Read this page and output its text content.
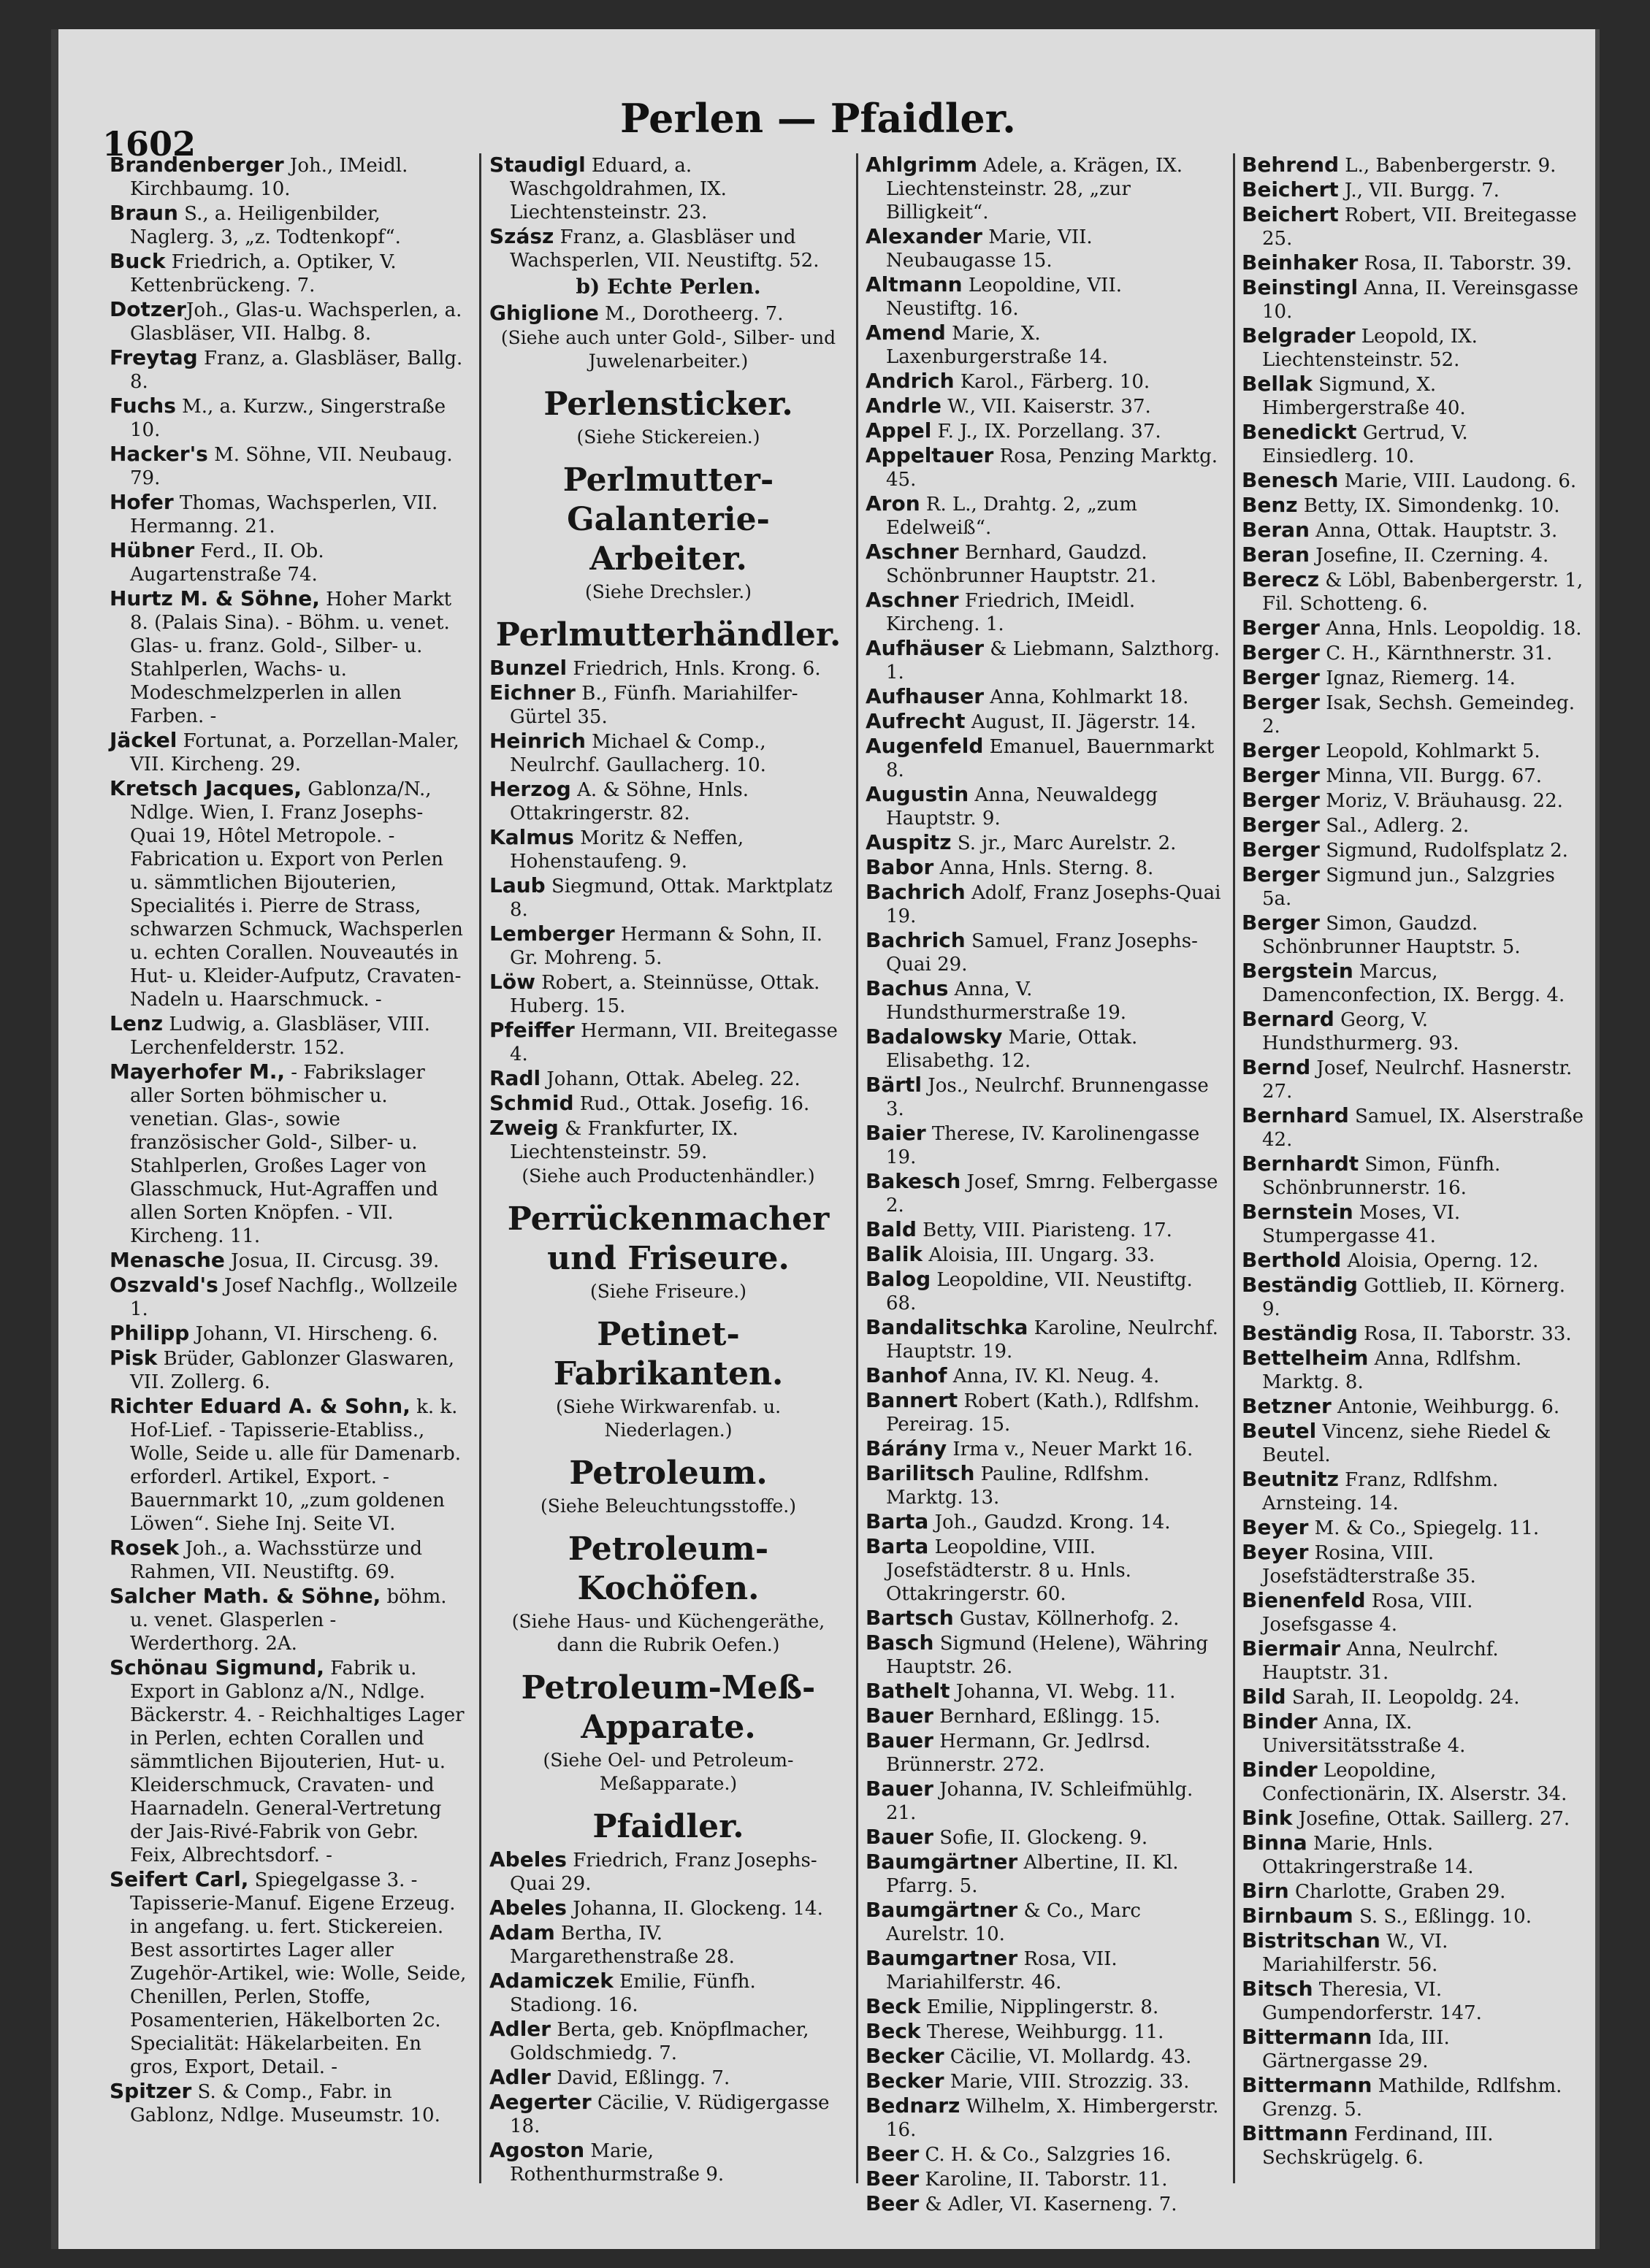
1602
Perlen — Pfaidler.
Brandenberger Joh., IMeidl. Kirchbaumg. 10.
Braun S., a. Heiligenbilder, Naglerg. 3, „z. Todtenkopf“.
Buck Friedrich, a. Optiker, V. Kettenbrückeng. 7.
DotzerJoh., Glas-u. Wachsperlen, a. Glasbläser, VII. Halbg. 8.
Freytag Franz, a. Glasbläser, Ballg. 8.
Fuchs M., a. Kurzw., Singerstraße 10.
Hacker's M. Söhne, VII. Neubaug. 79.
Hofer Thomas, Wachsperlen, VII. Hermanng. 21.
Hübner Ferd., II. Ob. Augartenstraße 74.
Hurtz M. & Söhne, Hoher Markt 8. (Palais Sina). - Böhm. u. venet. Glas- u. franz. Gold-, Silber- u. Stahlperlen, Wachs- u. Modeschmelzperlen in allen Farben. -
Jäckel Fortunat, a. Porzellan-Maler, VII. Kircheng. 29.
Kretsch Jacques, Gablonza/N., Ndlge. Wien, I. Franz Josephs-Quai 19, Hôtel Metropole. - Fabrication u. Export von Perlen u. sämmtlichen Bijouterien, Specialités i. Pierre de Strass, schwarzen Schmuck, Wachsperlen u. echten Corallen. Nouveautés in Hut- u. Kleider-Aufputz, Cravaten-Nadeln u. Haarschmuck. -
Lenz Ludwig, a. Glasbläser, VIII. Lerchenfelderstr. 152.
Mayerhofer M., - Fabrikslager aller Sorten böhmischer u. venetian. Glas-, sowie französischer Gold-, Silber- u. Stahlperlen, Großes Lager von Glasschmuck, Hut-Agraffen und allen Sorten Knöpfen. - VII. Kircheng. 11.
Menasche Josua, II. Circusg. 39.
Oszvald's Josef Nachflg., Wollzeile 1.
Philipp Johann, VI. Hirscheng. 6.
Pisk Brüder, Gablonzer Glaswaren, VII. Zollerg. 6.
Richter Eduard A. & Sohn, k. k. Hof-Lief. - Tapisserie-Etabliss., Wolle, Seide u. alle für Damenarb. erforderl. Artikel, Export. - Bauernmarkt 10, „zum goldenen Löwen“. Siehe Inj. Seite VI.
Rosek Joh., a. Wachsstürze und Rahmen, VII. Neustiftg. 69.
Salcher Math. & Söhne, böhm. u. venet. Glasperlen - Werderthorg. 2A.
Schönau Sigmund, Fabrik u. Export in Gablonz a/N., Ndlge. Bäckerstr. 4. - Reichhaltiges Lager in Perlen, echten Corallen und sämmtlichen Bijouterien, Hut- u. Kleiderschmuck, Cravaten- und Haarnadeln. General-Vertretung der Jais-Rivé-Fabrik von Gebr. Feix, Albrechtsdorf. -
Seifert Carl, Spiegelgasse 3. - Tapisserie-Manuf. Eigene Erzeug. in angefang. u. fert. Stickereien. Best assortirtes Lager aller Zugehör-Artikel, wie: Wolle, Seide, Chenillen, Perlen, Stoffe, Posamenterien, Häkelborten 2c. Specialität: Häkelarbeiten. En gros, Export, Detail. -
Spitzer S. & Comp., Fabr. in Gablonz, Ndlge. Museumstr. 10.
Staudigl Eduard, a. Waschgoldrahmen, IX. Liechtensteinstr. 23.
Szász Franz, a. Glasbläser und Wachsperlen, VII. Neustiftg. 52.
b) Echte Perlen.
Ghiglione M., Dorotheerg. 7.
(Siehe auch unter Gold-, Silber- und Juwelenarbeiter.)
Perlensticker.
(Siehe Stickereien.)
Perlmutter-Galanterie-Arbeiter.
(Siehe Drechsler.)
Perlmutterhändler.
Bunzel Friedrich, Hnls. Krong. 6.
Eichner B., Fünfh. Mariahilfer-Gürtel 35.
Heinrich Michael & Comp., Neulrchf. Gaullacherg. 10.
Herzog A. & Söhne, Hnls. Ottakringerstr. 82.
Kalmus Moritz & Neffen, Hohenstaufeng. 9.
Laub Siegmund, Ottak. Marktplatz 8.
Lemberger Hermann & Sohn, II. Gr. Mohreng. 5.
Löw Robert, a. Steinnüsse, Ottak. Huberg. 15.
Pfeiffer Hermann, VII. Breitegasse 4.
Radl Johann, Ottak. Abeleg. 22.
Schmid Rud., Ottak. Josefig. 16.
Zweig & Frankfurter, IX. Liechtensteinstr. 59.
(Siehe auch Productenhändler.)
Perrückenmacher und Friseure.
(Siehe Friseure.)
Petinet-Fabrikanten.
(Siehe Wirkwarenfab. u. Niederlagen.)
Petroleum.
(Siehe Beleuchtungsstoffe.)
Petroleum-Kochöfen.
(Siehe Haus- und Küchengeräthe, dann die Rubrik Oefen.)
Petroleum-Meß-Apparate.
(Siehe Oel- und Petroleum-Meßapparate.)
Pfaidler.
Abeles Friedrich, Franz Josephs-Quai 29.
Abeles Johanna, II. Glockeng. 14.
Adam Bertha, IV. Margarethenstraße 28.
Adamiczek Emilie, Fünfh. Stadiong. 16.
Adler Berta, geb. Knöpflmacher, Goldschmiedg. 7.
Adler David, Eßlingg. 7.
Aegerter Cäcilie, V. Rüdigergasse 18.
Agoston Marie, Rothenthurmstraße 9.
Ahlgrimm Adele, a. Krägen, IX. Liechtensteinstr. 28, „zur Billigkeit“.
Alexander Marie, VII. Neubaugasse 15.
Altmann Leopoldine, VII. Neustiftg. 16.
Amend Marie, X. Laxenburgerstraße 14.
Andrich Karol., Färberg. 10.
Andrle W., VII. Kaiserstr. 37.
Appel F. J., IX. Porzellang. 37.
Appeltauer Rosa, Penzing Marktg. 45.
Aron R. L., Drahtg. 2, „zum Edelweiß“.
Aschner Bernhard, Gaudzd. Schönbrunner Hauptstr. 21.
Aschner Friedrich, IMeidl. Kircheng. 1.
Aufhäuser & Liebmann, Salzthorg. 1.
Aufhauser Anna, Kohlmarkt 18.
Aufrecht August, II. Jägerstr. 14.
Augenfeld Emanuel, Bauernmarkt 8.
Augustin Anna, Neuwaldegg Hauptstr. 9.
Auspitz S. jr., Marc Aurelstr. 2.
Babor Anna, Hnls. Sterng. 8.
Bachrich Adolf, Franz Josephs-Quai 19.
Bachrich Samuel, Franz Josephs-Quai 29.
Bachus Anna, V. Hundsthurmerstraße 19.
Badalowsky Marie, Ottak. Elisabethg. 12.
Bärtl Jos., Neulrchf. Brunnengasse 3.
Baier Therese, IV. Karolinengasse 19.
Bakesch Josef, Smrng. Felbergasse 2.
Bald Betty, VIII. Piaristeng. 17.
Balik Aloisia, III. Ungarg. 33.
Balog Leopoldine, VII. Neustiftg. 68.
Bandalitschka Karoline, Neulrchf. Hauptstr. 19.
Banhof Anna, IV. Kl. Neug. 4.
Bannert Robert (Kath.), Rdlfshm. Pereirag. 15.
Bárány Irma v., Neuer Markt 16.
Barilitsch Pauline, Rdlfshm. Marktg. 13.
Barta Joh., Gaudzd. Krong. 14.
Barta Leopoldine, VIII. Josefstädterstr. 8 u. Hnls. Ottakringerstr. 60.
Bartsch Gustav, Köllnerhofg. 2.
Basch Sigmund (Helene), Währing Hauptstr. 26.
Bathelt Johanna, VI. Webg. 11.
Bauer Bernhard, Eßlingg. 15.
Bauer Hermann, Gr. Jedlrsd. Brünnerstr. 272.
Bauer Johanna, IV. Schleifmühlg. 21.
Bauer Sofie, II. Glockeng. 9.
Baumgärtner Albertine, II. Kl. Pfarrg. 5.
Baumgärtner & Co., Marc Aurelstr. 10.
Baumgartner Rosa, VII. Mariahilferstr. 46.
Beck Emilie, Nipplingerstr. 8.
Beck Therese, Weihburgg. 11.
Becker Cäcilie, VI. Mollardg. 43.
Becker Marie, VIII. Strozzig. 33.
Bednarz Wilhelm, X. Himbergerstr. 16.
Beer C. H. & Co., Salzgries 16.
Beer Karoline, II. Taborstr. 11.
Beer & Adler, VI. Kaserneng. 7.
Behrend L., Babenbergerstr. 9.
Beichert J., VII. Burgg. 7.
Beichert Robert, VII. Breitegasse 25.
Beinhaker Rosa, II. Taborstr. 39.
Beinstingl Anna, II. Vereinsgasse 10.
Belgrader Leopold, IX. Liechtensteinstr. 52.
Bellak Sigmund, X. Himbergerstraße 40.
Benedickt Gertrud, V. Einsiedlerg. 10.
Benesch Marie, VIII. Laudong. 6.
Benz Betty, IX. Simondenkg. 10.
Beran Anna, Ottak. Hauptstr. 3.
Beran Josefine, II. Czerning. 4.
Berecz & Löbl, Babenbergerstr. 1, Fil. Schotteng. 6.
Berger Anna, Hnls. Leopoldig. 18.
Berger C. H., Kärnthnerstr. 31.
Berger Ignaz, Riemerg. 14.
Berger Isak, Sechsh. Gemeindeg. 2.
Berger Leopold, Kohlmarkt 5.
Berger Minna, VII. Burgg. 67.
Berger Moriz, V. Bräuhausg. 22.
Berger Sal., Adlerg. 2.
Berger Sigmund, Rudolfsplatz 2.
Berger Sigmund jun., Salzgries 5a.
Berger Simon, Gaudzd. Schönbrunner Hauptstr. 5.
Bergstein Marcus, Damenconfection, IX. Bergg. 4.
Bernard Georg, V. Hundsthurmerg. 93.
Bernd Josef, Neulrchf. Hasnerstr. 27.
Bernhard Samuel, IX. Alserstraße 42.
Bernhardt Simon, Fünfh. Schönbrunnerstr. 16.
Bernstein Moses, VI. Stumpergasse 41.
Berthold Aloisia, Operng. 12.
Beständig Gottlieb, II. Körnerg. 9.
Beständig Rosa, II. Taborstr. 33.
Bettelheim Anna, Rdlfshm. Marktg. 8.
Betzner Antonie, Weihburgg. 6.
Beutel Vincenz, siehe Riedel & Beutel.
Beutnitz Franz, Rdlfshm. Arnsteing. 14.
Beyer M. & Co., Spiegelg. 11.
Beyer Rosina, VIII. Josefstädterstraße 35.
Bienenfeld Rosa, VIII. Josefsgasse 4.
Biermair Anna, Neulrchf. Hauptstr. 31.
Bild Sarah, II. Leopoldg. 24.
Binder Anna, IX. Universitätsstraße 4.
Binder Leopoldine, Confectionärin, IX. Alserstr. 34.
Bink Josefine, Ottak. Saillerg. 27.
Binna Marie, Hnls. Ottakringerstraße 14.
Birn Charlotte, Graben 29.
Birnbaum S. S., Eßlingg. 10.
Bistritschan W., VI. Mariahilferstr. 56.
Bitsch Theresia, VI. Gumpendorferstr. 147.
Bittermann Ida, III. Gärtnergasse 29.
Bittermann Mathilde, Rdlfshm. Grenzg. 5.
Bittmann Ferdinand, III. Sechskrügelg. 6.
